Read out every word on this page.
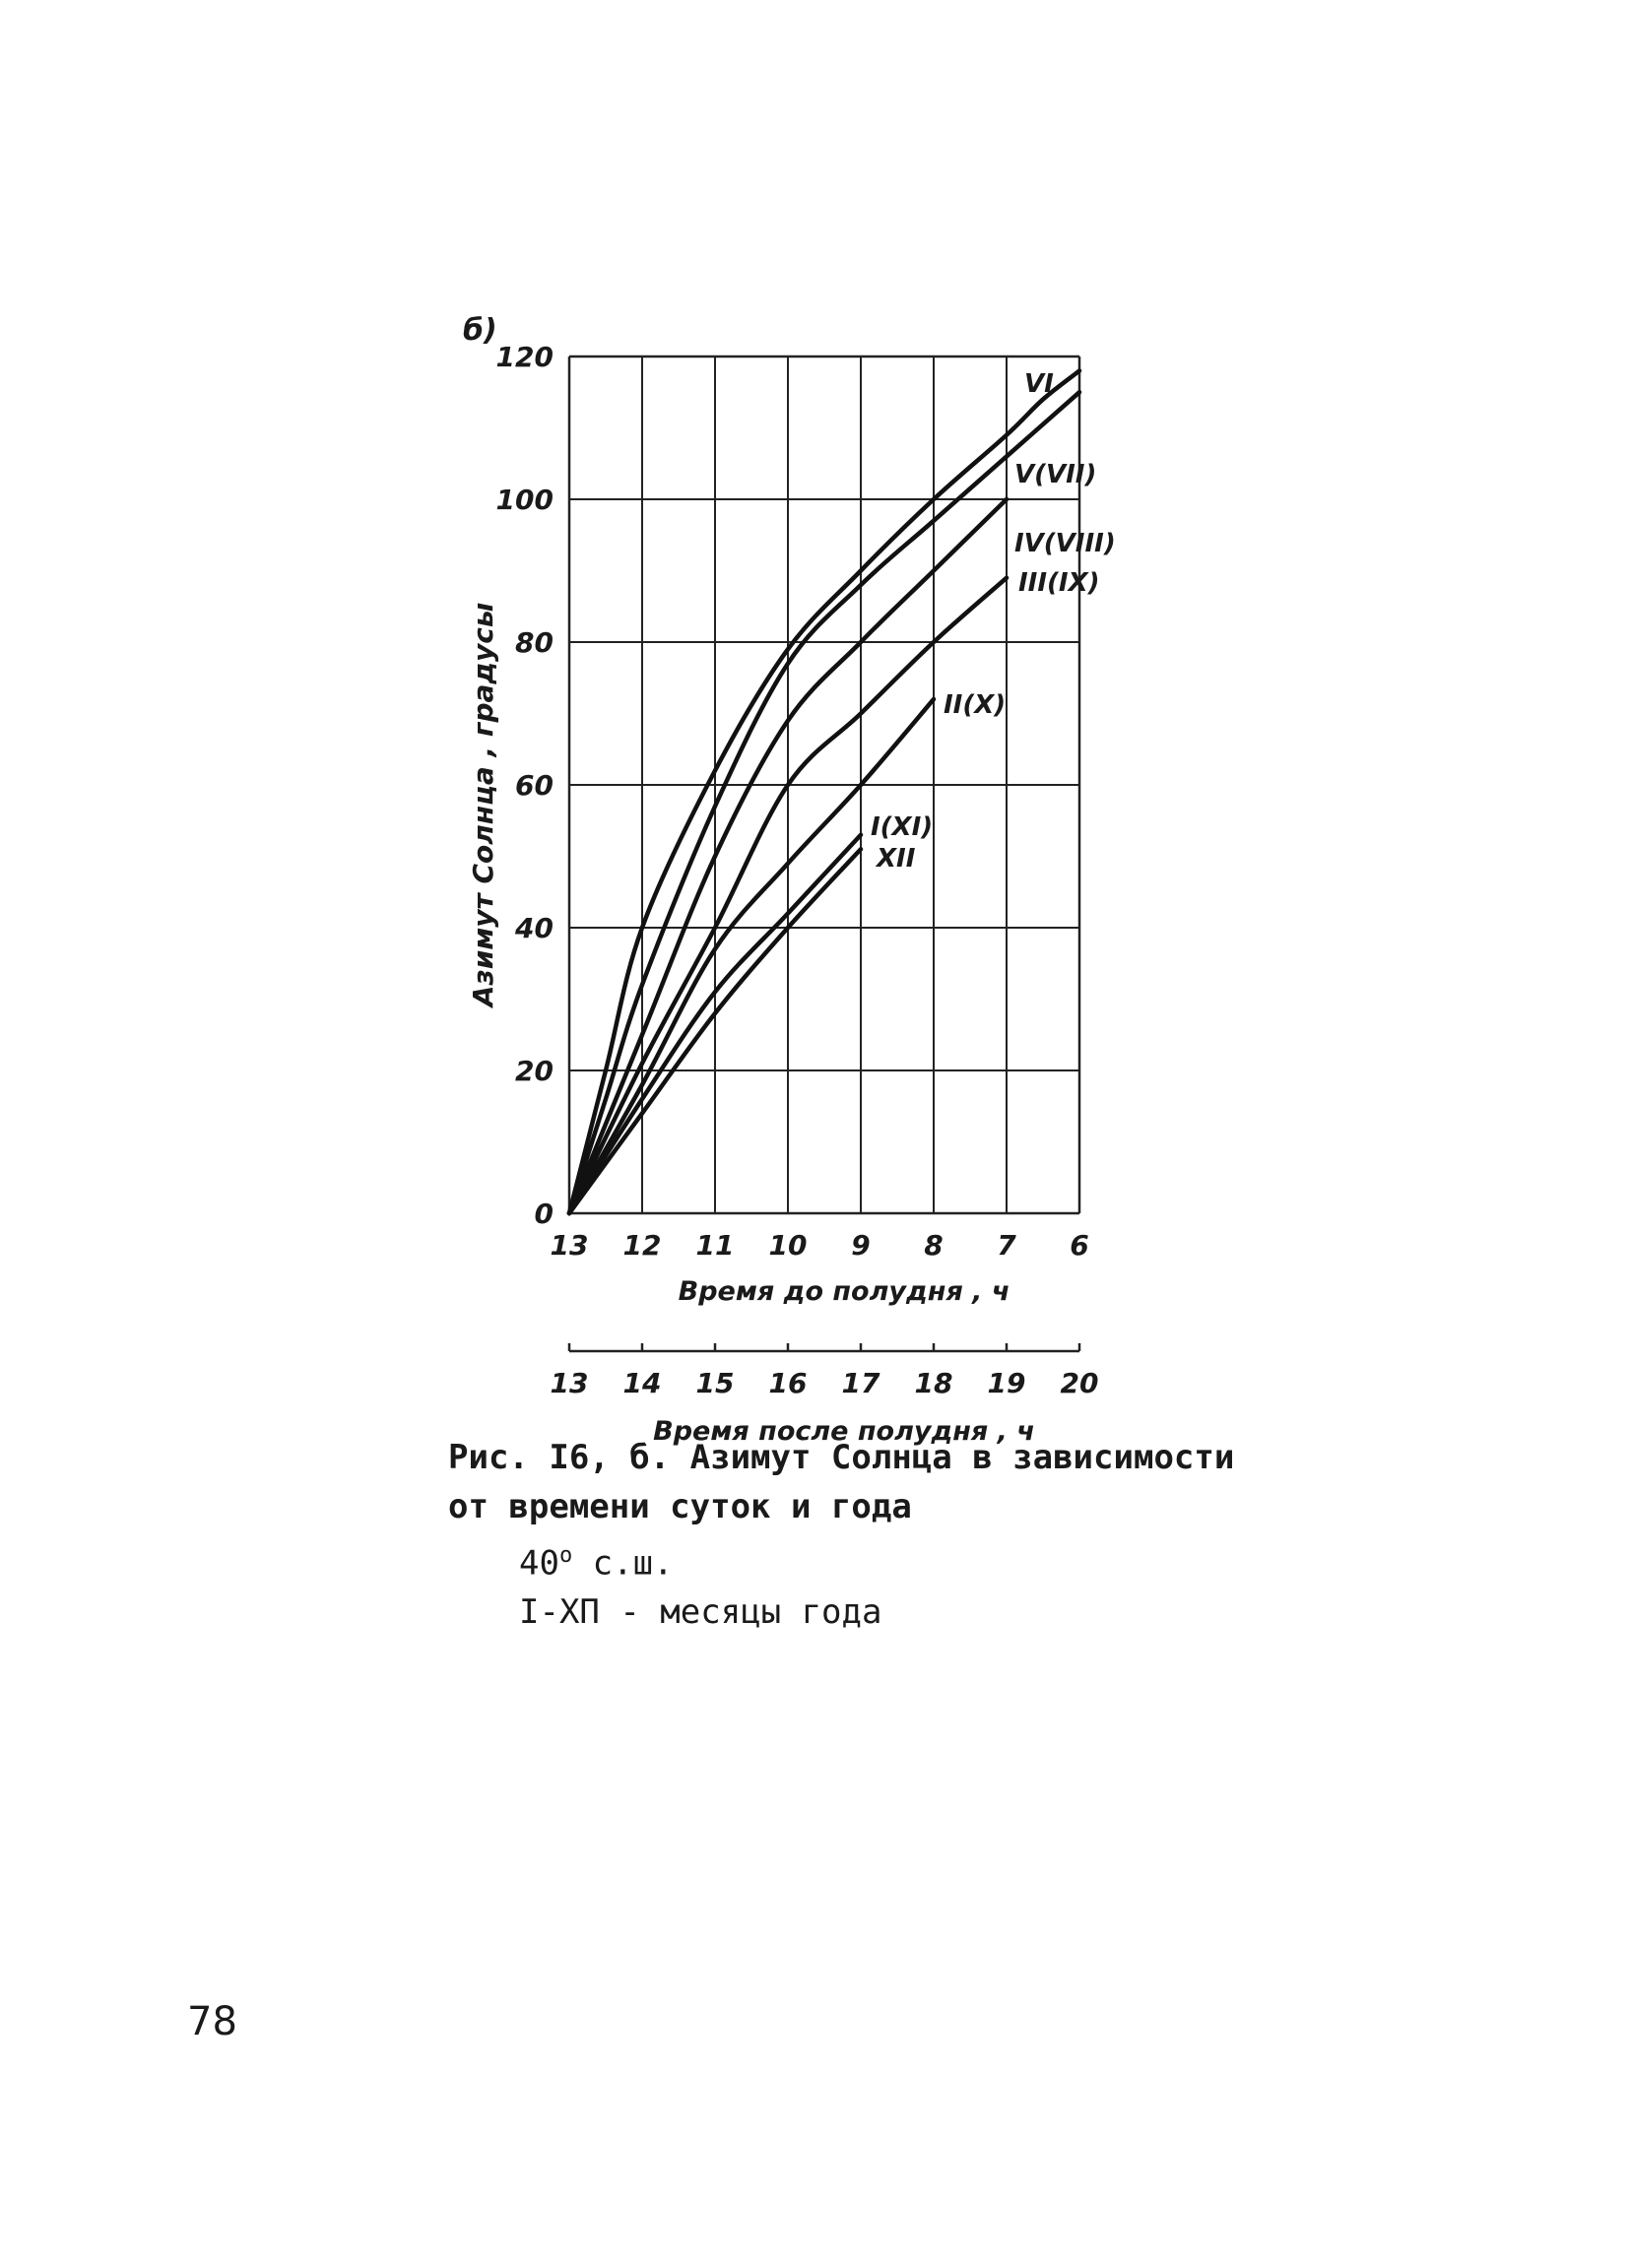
0
20
40
60
80
100
120
13 12 11 10 9 8 7 6
13 14 15 16 17 18 19 20
Время до полудня , ч
Время после полудня , ч
Азимут Солнца , градусы
б)
VI
V(VII)
IV(VIII)
III(IX)
II(X)
I(XI)
XII
Рис. I6, б. Азимут Солнца в зависимости
от времени суток и года
$40^о$ с.ш.
I-XП - месяцы года
78
